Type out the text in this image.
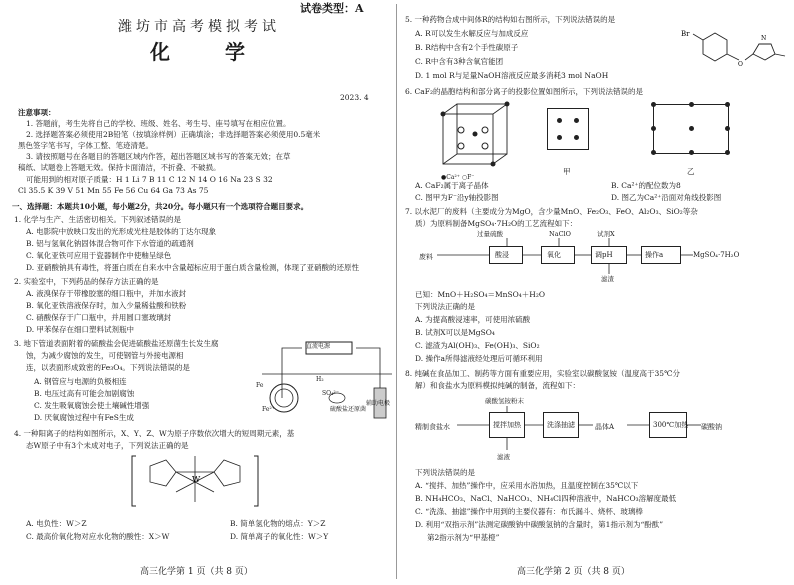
试卷类型：A
潍坊市高考模拟考试
化 学
2023. 4
注意事项：
1. 答题前，考生先将自己的学校、班级、姓名、考生号、座号填写在相应位置。
2. 选择题答案必须使用2B铅笔（按填涂样例）正确填涂；非选择题答案必须使用0.5毫米
黑色签字笔书写，字体工整、笔迹清楚。
3. 请按照题号在各题目的答题区域内作答，超出答题区域书写的答案无效；在草
稿纸、试题卷上答题无效。保持卡面清洁，不折叠、不破损。
可能用到的相对原子质量：H 1 Li 7 B 11 C 12 N 14 O 16 Na 23 S 32
Cl 35.5 K 39 V 51 Mn 55 Fe 56 Cu 64 Ga 73 As 75
一、选择题：本题共10小题，每小题2分，共20分。每小题只有一个选项符合题目要求。
1. 化学与生产、生活密切相关。下列叙述错误的是
A. 电影院中放映口发出的光形成光柱是胶体的丁达尔现象
B. 铝与氢氧化钠固体混合物可作下水管道的疏通剂
C. 氧化亚铁可应用于瓷器制作中使釉呈绿色
D. 亚硝酸钠具有毒性，将蛋白质在自来水中含量超标应用于蛋白质含量检测，体现了亚硝酸的还原性
2. 实验室中，下列药品的保存方法正确的是
A. 液溴保存于带橡胶塞的细口瓶中，并加水液封
B. 氧化亚铁溶液保存时，加入少量稀盐酸和铁粉
C. 硝酸保存于广口瓶中，并用圆口塞玻璃封
D. 甲苯保存在细口塑料试剂瓶中
3. 地下管道表面附着的硫酸盐会促进硫酸盐还原菌生长发生腐
蚀，为减少腐蚀的发生，可使钢管与外接电源相
连，以表面形成致密的Fe₃O₄。下列说法错误的是
A. 钢管应与电源的负极相连
B. 电压过高有可能会加剧腐蚀
C. 发生吸氧腐蚀会使土壤碱性增强
D. 厌氧腐蚀过程中有FeS生成
直流电源
硫酸盐还原菌
SO₄²⁻
H₂
辅助电极
Fe
Fe²⁺
4. 一种阳离子的结构如图所示，X、Y、Z、W为原子序数依次增大的短周期元素，基
态W原子中有3个未成对电子，下列说法正确的是
W
A. 电负性：W＞Z	B. 简单氢化物的熔点：Y＞Z
C. 最高价氧化物对应水化物的酸性：X＞W	D. 简单离子的氧化性：W＞Y
高三化学第 1 页（共 8 页）
5. 一种药物合成中间体R的结构如右图所示，下列说法错误的是
A. R可以发生水解反应与加成反应
B. R结构中含有2个手性碳原子
C. R中含有3种含氧官能团
D. 1 mol R与足量NaOH溶液反应最多消耗3 mol NaOH
Br
O
N
6. CaF₂的晶胞结构和部分离子的投影位置如图所示，下列说法错误的是
●Ca²⁺ ○F⁻
甲	乙
A. CaF₂属于离子晶体	B. Ca²⁺的配位数为8
C. 图甲为F⁻沿y轴投影图	D. 图乙为Ca²⁺沿面对角线投影图
7. 以水泥厂的废料（主要成分为MgO，含少量MnO、Fe₂O₃、FeO、Al₂O₃、SiO₂等杂
质）为原料制备MgSO₄·7H₂O的工艺流程如下：
过量硫酸	NaClO	试剂X
废料	酸浸	氧化	调pH	操作a	MgSO₄·7H₂O
滤渣
已知：MnO＋H₂SO₄＝MnSO₄＋H₂O
下列说法正确的是
A. 为提高酸浸速率，可使用浓硫酸
B. 试剂X可以是MgSO₄
C. 滤渣为Al(OH)₃、Fe(OH)₃、SiO₂
D. 操作a所得滤液经处理后可循环利用
8. 纯碱在食品加工、制药等方面有重要应用，实验室以碳酸氢铵（温度高于35℃分
解）和食盐水为原料模拟纯碱的制备，流程如下：
碳酸氢铵粉末
精制食盐水	搅拌加热	洗涤抽滤	晶体A	300℃加热 碳酸钠
滤液
下列说法错误的是
A. “搅拌、加热”操作中，应采用水浴加热，且温度控制在35℃以下
B. NH₄HCO₃、NaCl、NaHCO₃、NH₄Cl四种溶液中，NaHCO₃溶解度最低
C. “洗涤、抽滤”操作中用到的主要仪器有：布氏漏斗、烧杯、玻璃棒
D. 利用“双指示剂”法测定碳酸钠中碳酸氢钠的含量时，第1指示剂为“酚酞”
第2指示剂为“甲基橙”
高三化学第 2 页（共 8 页）
